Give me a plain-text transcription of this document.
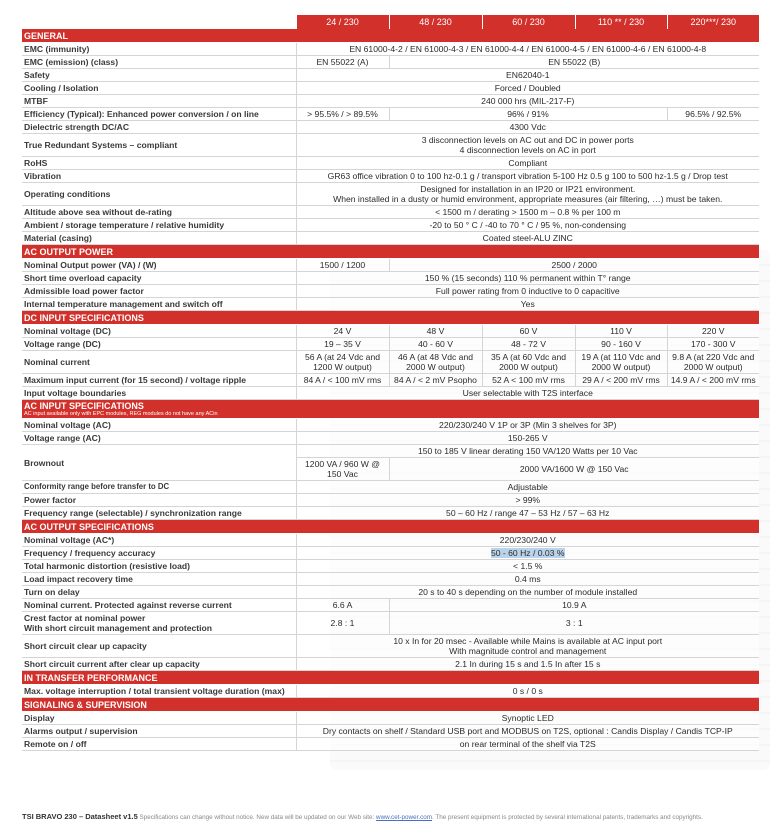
	24 / 230	48 / 230	60 / 230	110 ** / 230	220***/ 230
GENERAL					
EMC (immunity)	EN 61000-4-2 / EN 61000-4-3 / EN 61000-4-4 / EN 61000-4-5 / EN 61000-4-6 / EN 61000-4-8				
EMC (emission) (class)	EN 55022 (A)	EN 55022 (B)			
Safety	EN62040-1				
Cooling / Isolation	Forced / Doubled				
MTBF	240 000 hrs (MIL-217-F)				
Efficiency (Typical): Enhanced power conversion / on line	> 95.5% / > 89.5%	96% / 91%			96.5% / 92.5%
Dielectric strength DC/AC	4300 Vdc				
True Redundant Systems – compliant	3 disconnection levels on AC out and DC in power ports
4 disconnection levels on AC in port				
RoHS	Compliant				
Vibration	GR63 office vibration 0 to 100 hz-0.1 g / transport vibration 5-100 Hz 0.5 g 100 to 500 hz-1.5 g / Drop test				
Operating conditions	Designed for installation in an IP20 or IP21 environment.
When installed in a dusty or humid environment, appropriate measures (air filtering, …) must be taken.				
Altitude above sea without de-rating	< 1500 m / derating > 1500 m – 0.8 % per 100 m				
Ambient / storage temperature / relative humidity	-20 to 50 ° C / -40 to 70 ° C / 95 %, non-condensing				
Material (casing)	Coated steel-ALU ZINC				
AC OUTPUT POWER					
Nominal Output power (VA) / (W)	1500 / 1200	2500 / 2000			
Short time overload capacity	150 % (15 seconds) 110 % permanent within T° range				
Admissible load power factor	Full power rating from 0 inductive to 0 capacitive				
Internal temperature management and switch off	Yes				
DC INPUT SPECIFICATIONS					
Nominal voltage (DC)	24 V	48 V	60 V	110 V	220 V
Voltage range (DC)	19 – 35 V	40 - 60 V	48 - 72 V	90 - 160 V	170 - 300 V
Nominal current	56 A (at 24 Vdc and 1200 W output)	46 A (at 48 Vdc and 2000 W output)	35 A (at 60 Vdc and 2000 W output)	19 A (at 110 Vdc and 2000 W output)	9.8 A (at 220 Vdc and 2000 W output)
Maximum input current (for 15 second) / voltage ripple	84 A / < 100 mV rms	84 A / < 2 mV Psopho	52 A < 100 mV rms	29 A / < 200 mV rms	14.9 A / < 200 mV rms
Input voltage boundaries	User selectable with T2S interface				
AC INPUT SPECIFICATIONS
AC input available only with EPC modules, REG modules do not have any ACin					

Nominal voltage (AC)	220/230/240 V 1P or 3P (Min 3 shelves for 3P)				
Voltage range (AC)	150-265 V				
Brownout	150 to 185 V linear derating 150 VA/120 Watts per 10 Vac				
	1200 VA / 960 W @ 150 Vac	2000 VA/1600 W @ 150 Vac			
Conformity range before transfer to DC	Adjustable				
Power factor	> 99%				
Frequency range (selectable) / synchronization range	50 – 60 Hz / range 47 – 53 Hz / 57 – 63 Hz				
AC OUTPUT SPECIFICATIONS					
Nominal voltage (AC*)	220/230/240 V				
Frequency / frequency accuracy	50 - 60 Hz / 0.03 %				
Total harmonic distortion (resistive load)	< 1.5 %				
Load impact recovery time	0.4 ms				
Turn on delay	20 s to 40 s depending on the number of module installed				
Nominal current. Protected against reverse current	6.6 A	10.9 A			
Crest factor at nominal power
With short circuit management and protection	2.8 : 1	3 : 1			
Short circuit clear up capacity	10 x In for 20 msec - Available while Mains is available at AC input port
With magnitude control and management				
Short circuit current after clear up capacity	2.1 In during 15 s and 1.5 In after 15 s				
IN TRANSFER PERFORMANCE					
Max. voltage interruption / total transient voltage duration (max)	0 s / 0 s				
SIGNALING & SUPERVISION					
Display	Synoptic LED				
Alarms output / supervision	Dry contacts on shelf / Standard USB port and MODBUS on T2S, optional : Candis Display / Candis TCP-IP				
Remote on / off	on rear terminal of the shelf via T2S				
TSI BRAVO 230 – Datasheet v1.5 Specifications can change without notice. New data will be updated on our Web site: www.cet-power.com. The present equipment is protected by several international patents, trademarks and copyrights.
